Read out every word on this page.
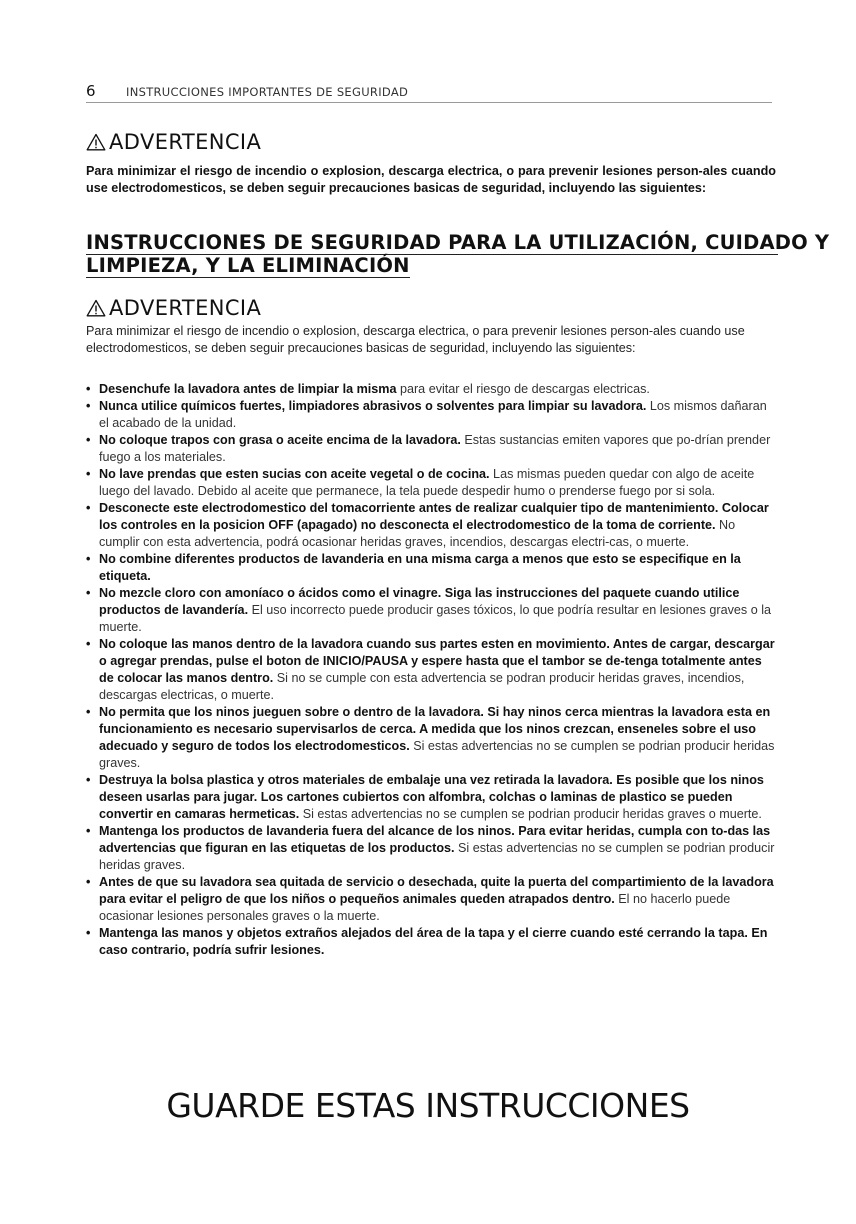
6	INSTRUCCIONES IMPORTANTES DE SEGURIDAD
ADVERTENCIA
Para minimizar el riesgo de incendio o explosion, descarga electrica, o para prevenir lesiones person-ales cuando use electrodomesticos, se deben seguir precauciones basicas de seguridad, incluyendo las siguientes:
INSTRUCCIONES DE SEGURIDAD PARA LA UTILIZACIÓN, CUIDADO Y
LIMPIEZA, Y LA ELIMINACIÓN
ADVERTENCIA
Para minimizar el riesgo de incendio o explosion, descarga electrica, o para prevenir lesiones person-ales cuando use electrodomesticos, se deben seguir precauciones basicas de seguridad, incluyendo las siguientes:
• Desenchufe la lavadora antes de limpiar la misma para evitar el riesgo de descargas electricas.
• Nunca utilice químicos fuertes, limpiadores abrasivos o solventes para limpiar su lavadora. Los mismos dañaran el acabado de la unidad.
• No coloque trapos con grasa o aceite encima de la lavadora. Estas sustancias emiten vapores que po-drían prender fuego a los materiales.
• No lave prendas que esten sucias con aceite vegetal o de cocina. Las mismas pueden quedar con algo de aceite luego del lavado. Debido al aceite que permanece, la tela puede despedir humo o prenderse fuego por si sola.
• Desconecte este electrodomestico del tomacorriente antes de realizar cualquier tipo de mantenimiento. Colocar los controles en la posicion OFF (apagado) no desconecta el electrodomestico de la toma de corriente. No cumplir con esta advertencia, podrá ocasionar heridas graves, incendios, descargas electri-cas, o muerte.
• No combine diferentes productos de lavanderia en una misma carga a menos que esto se especifique en la etiqueta.
• No mezcle cloro con amoníaco o ácidos como el vinagre. Siga las instrucciones del paquete cuando utilice productos de lavandería. El uso incorrecto puede producir gases tóxicos, lo que podría resultar en lesiones graves o la muerte.
• No coloque las manos dentro de la lavadora cuando sus partes esten en movimiento. Antes de cargar, descargar o agregar prendas, pulse el boton de INICIO/PAUSA y espere hasta que el tambor se de-tenga totalmente antes de colocar las manos dentro. Si no se cumple con esta advertencia se podran producir heridas graves, incendios, descargas electricas, o muerte.
• No permita que los ninos jueguen sobre o dentro de la lavadora. Si hay ninos cerca mientras la lavadora esta en funcionamiento es necesario supervisarlos de cerca. A medida que los ninos crezcan, enseneles sobre el uso adecuado y seguro de todos los electrodomesticos. Si estas advertencias no se cumplen se podrian producir heridas graves.
• Destruya la bolsa plastica y otros materiales de embalaje una vez retirada la lavadora. Es posible que los ninos deseen usarlas para jugar. Los cartones cubiertos con alfombra, colchas o laminas de plastico se pueden convertir en camaras hermeticas. Si estas advertencias no se cumplen se podrian producir heridas graves o muerte.
• Mantenga los productos de lavanderia fuera del alcance de los ninos. Para evitar heridas, cumpla con to-das las advertencias que figuran en las etiquetas de los productos. Si estas advertencias no se cumplen se podrian producir heridas graves.
• Antes de que su lavadora sea quitada de servicio o desechada, quite la puerta del compartimiento de la lavadora para evitar el peligro de que los niños o pequeños animales queden atrapados dentro. El no hacerlo puede ocasionar lesiones personales graves o la muerte.
• Mantenga las manos y objetos extraños alejados del área de la tapa y el cierre cuando esté cerrando la tapa. En caso contrario, podría sufrir lesiones.
GUARDE ESTAS INSTRUCCIONES
